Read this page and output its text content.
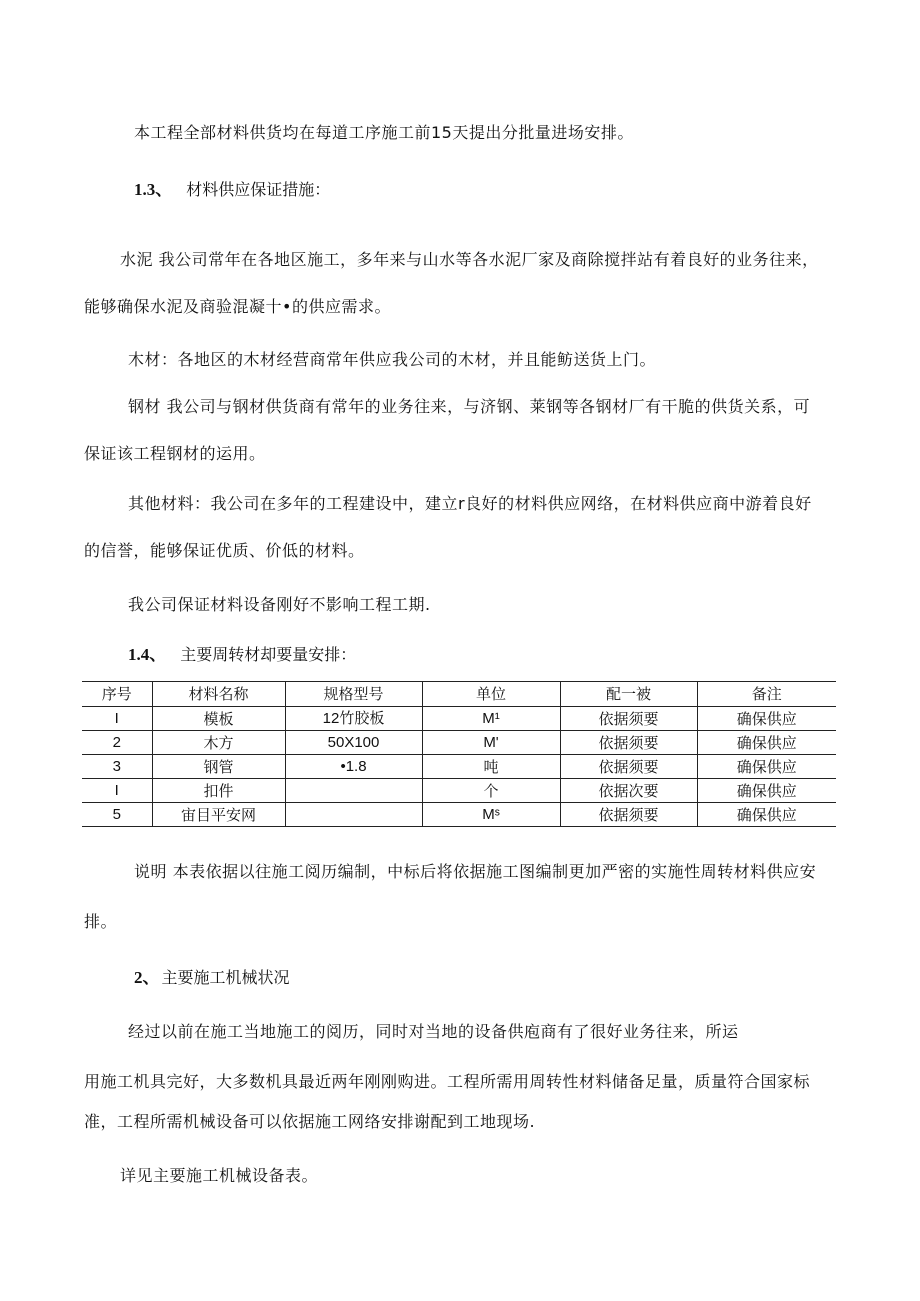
本工程全部材料供货均在每道工序施工前15天提出分批量进场安排。
1.3、 材料供应保证措施：
水泥 我公司常年在各地区施工，多年来与山水等各水泥厂家及商除搅拌站有着良好的业务往来，
能够确保水泥及商验混凝十•的供应需求。
木材：各地区的木材经营商常年供应我公司的木材，并且能鲂送货上门。
钢材 我公司与钢材供货商有常年的业务往来，与济钢、莱钢等各钢材厂有干脆的供货关系，可
保证该工程钢材的运用。
其他材料：我公司在多年的工程建设中，建立r良好的材料供应网络，在材料供应商中游着良好
的信誉，能够保证优质、价低的材料。
我公司保证材料设备刚好不影响工程工期.
1.4、 主要周转材却要量安排：
序号	材料名称	规格型号	单位	配一被	备注
I	模板	12竹胶板	M¹	依据须要	确保供应
2	木方	50X100	M'	依据须要	确保供应
3	钢管	•1.8	吨	依据须要	确保供应
I	扣件		个	依据次要	确保供应
5	宙目平安网		Mˢ	依据须要	确保供应
说明 本表依据以往施工阅历编制，中标后将依据施工图编制更加严密的实施性周转材料供应安
排。
2、 主要施工机械状况
经过以前在施工当地施工的阅历，同时对当地的设备供庖商有了很好业务往来，所运
用施工机具完好，大多数机具最近两年刚刚购进。工程所需用周转性材料储备足量，质量符合国家标
准，工程所需机械设备可以依据施工网络安排谢配到工地现场.
详见主要施工机械设备表。
